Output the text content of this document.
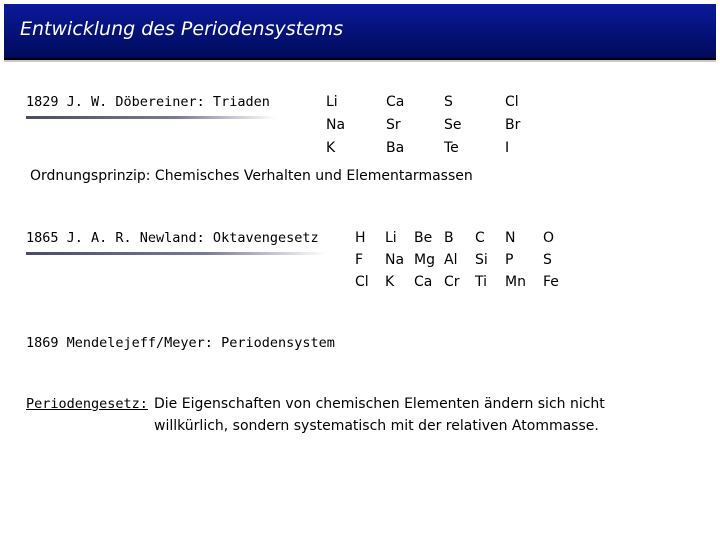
Entwicklung des Periodensystems
1829 J. W. Döbereiner: Triaden	Li	Ca	S	Cl
Na	Sr	Se	Br
K	Ba	Te	I
Ordnungsprinzip: Chemisches Verhalten und Elementarmassen
1865 J. A. R. Newland: Oktavengesetz	H Li Be B C N O
F Na Mg Al Si P S
Cl K Ca Cr Ti Mn Fe
1869 Mendelejeff/Meyer: Periodensystem
Periodengesetz: Die Eigenschaften von chemischen Elementen ändern sich nicht
willkürlich, sondern systematisch mit der relativen Atommasse.
